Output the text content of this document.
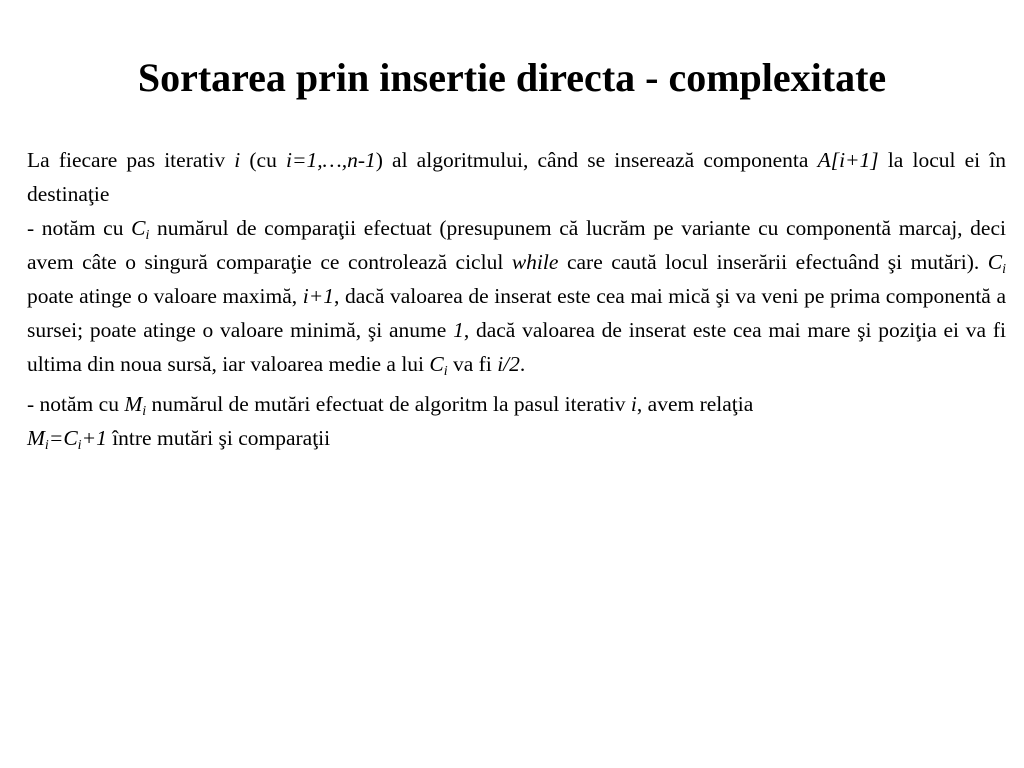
Sortarea prin insertie directa - complexitate

La fiecare pas iterativ i (cu i=1,…,n-1) al algoritmului, când se inserează componenta A[i+1] la locul ei în destinaţie

- notăm cu $C_i$ numărul de comparaţii efectuat (presupunem că lucrăm pe variante cu componentă marcaj, deci avem câte o singură comparaţie ce controlează ciclul while care caută locul inserării efectuând şi mutări). $C_i$ poate atinge o valoare maximă, i+1, dacă valoarea de inserat este cea mai mică şi va veni pe prima componentă a sursei; poate atinge o valoare minimă, şi anume 1, dacă valoarea de inserat este cea mai mare şi poziţia ei va fi ultima din noua sursă, iar valoarea medie a lui $C_i$ va fi i/2.

- notăm cu $M_i$ numărul de mutări efectuat de algoritm la pasul iterativ i, avem relaţia
$M_i=C_i+1$ între mutări şi comparaţii
